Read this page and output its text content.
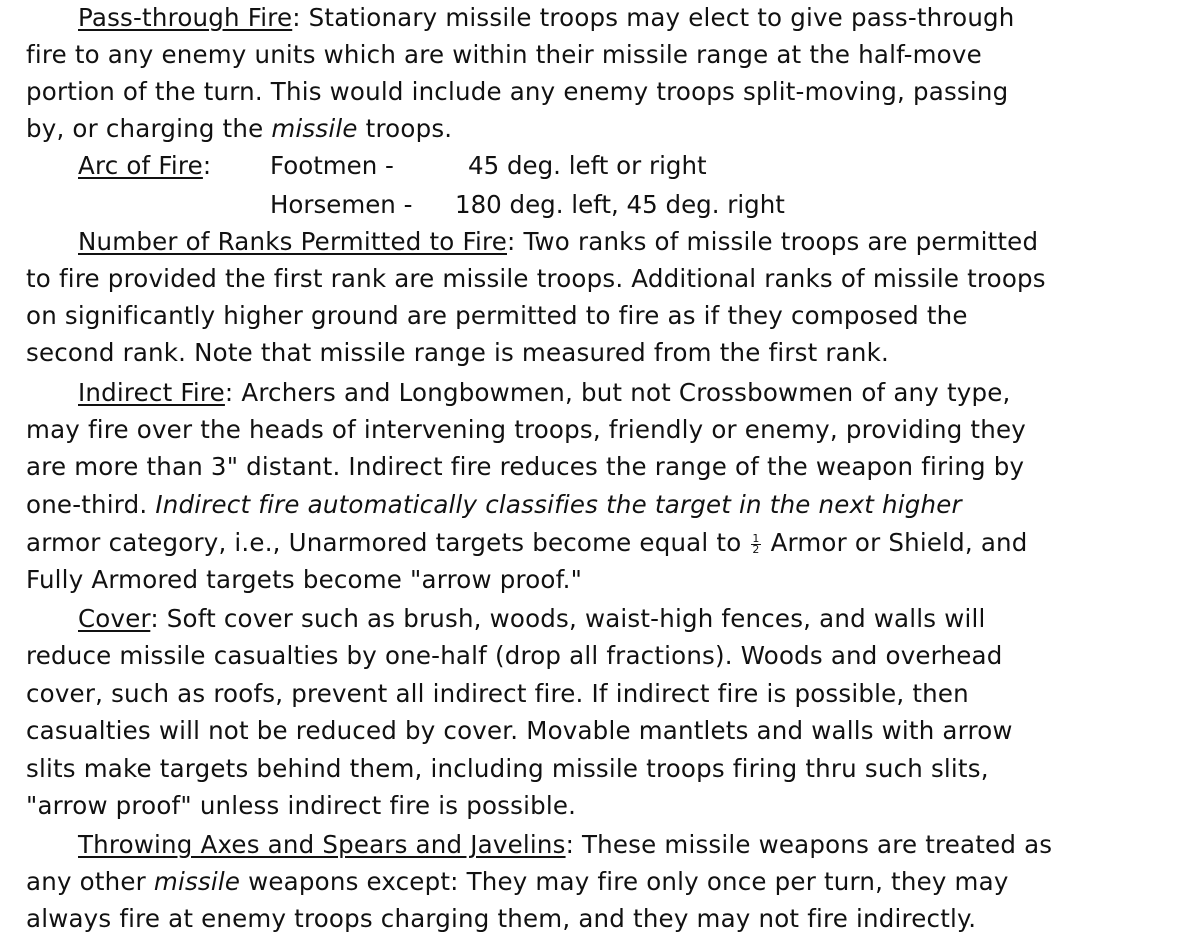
Pass-through Fire: Stationary missile troops may elect to give pass-through
fire to any enemy units which are within their missile range at the half-move
portion of the turn. This would include any enemy troops split-moving, passing
by, or charging the missile troops.
Arc of Fire: Footmen -	45 deg. left or right
Horsemen - 180 deg. left, 45 deg. right
Number of Ranks Permitted to Fire: Two ranks of missile troops are permitted
to fire provided the first rank are missile troops. Additional ranks of missile troops
on significantly higher ground are permitted to fire as if they composed the
second rank. Note that missile range is measured from the first rank.
Indirect Fire: Archers and Longbowmen, but not Crossbowmen of any type,
may fire over the heads of intervening troops, friendly or enemy, providing they
are more than 3" distant. Indirect fire reduces the range of the weapon firing by
one-third. Indirect fire automatically classifies the target in the next higher
armor category, i.e., Unarmored targets become equal to $\frac{1}{2}$ Armor or Shield, and
Fully Armored targets become "arrow proof."
Cover: Soft cover such as brush, woods, waist-high fences, and walls will
reduce missile casualties by one-half (drop all fractions). Woods and overhead
cover, such as roofs, prevent all indirect fire. If indirect fire is possible, then
casualties will not be reduced by cover. Movable mantlets and walls with arrow
slits make targets behind them, including missile troops firing thru such slits,
"arrow proof" unless indirect fire is possible.
Throwing Axes and Spears and Javelins: These missile weapons are treated as
any other missile weapons except: They may fire only once per turn, they may
always fire at enemy troops charging them, and they may not fire indirectly.
